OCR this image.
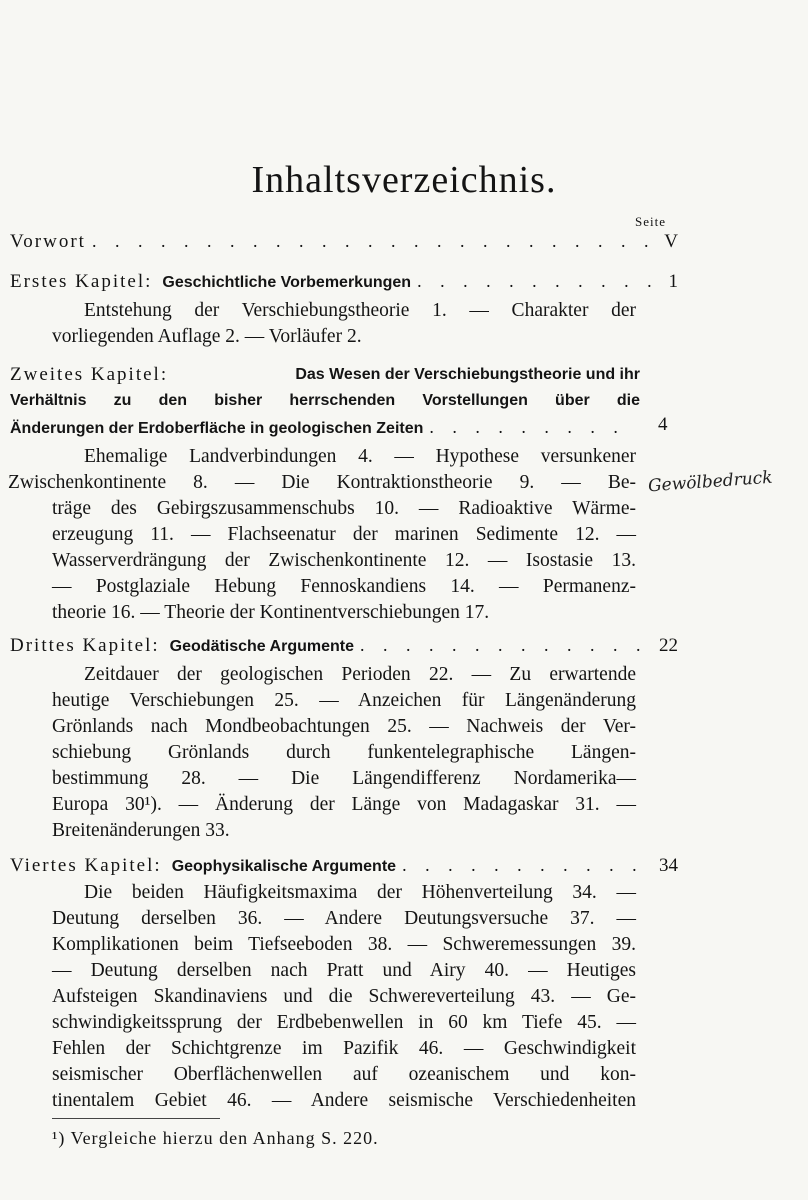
Inhaltsverzeichnis.
Seite
Vorwort . . .	V
Erstes Kapitel: Geschichtliche Vorbemerkungen . . .	1
Entstehung der Verschiebungstheorie 1. — Charakter der
vorliegenden Auflage 2. — Vorläufer 2.
Zweites Kapitel:	Das Wesen der Verschiebungstheorie und ihr
Verhältnis zu den bisher herrschenden Vorstellungen über die
Änderungen der Erdoberfläche in geologischen Zeiten . . .	4
Ehemalige Landverbindungen 4. — Hypothese versunkener
Zwischenkontinente 8. — Die Kontraktionstheorie 9. — Be-
träge des Gebirgszusammenschubs 10. — Radioaktive Wärme-
erzeugung 11. — Flachseenatur der marinen Sedimente 12. —
Wasserverdrängung der Zwischenkontinente 12. — Isostasie 13.
— Postglaziale Hebung Fennoskandiens 14. — Permanenz-
theorie 16. — Theorie der Kontinentverschiebungen 17.
Gewölbedruck
Drittes Kapitel: Geodätische Argumente . . .	22
Zeitdauer der geologischen Perioden 22. — Zu erwartende
heutige Verschiebungen 25. — Anzeichen für Längenänderung
Grönlands nach Mondbeobachtungen 25. — Nachweis der Ver-
schiebung Grönlands durch funkentelegraphische Längen-
bestimmung 28. — Die Längendifferenz Nordamerika—
Europa 30¹). — Änderung der Länge von Madagaskar 31. —
Breitenänderungen 33.
Viertes Kapitel: Geophysikalische Argumente . . .	34
Die beiden Häufigkeitsmaxima der Höhenverteilung 34. —
Deutung derselben 36. — Andere Deutungsversuche 37. —
Komplikationen beim Tiefseeboden 38. — Schweremessungen 39.
— Deutung derselben nach Pratt und Airy 40. — Heutiges
Aufsteigen Skandinaviens und die Schwereverteilung 43. — Ge-
schwindigkeitssprung der Erdbebenwellen in 60 km Tiefe 45. —
Fehlen der Schichtgrenze im Pazifik 46. — Geschwindigkeit
seismischer Oberflächenwellen auf ozeanischem und kon-
tinentalem Gebiet 46. — Andere seismische Verschiedenheiten
¹) Vergleiche hierzu den Anhang S. 220.
